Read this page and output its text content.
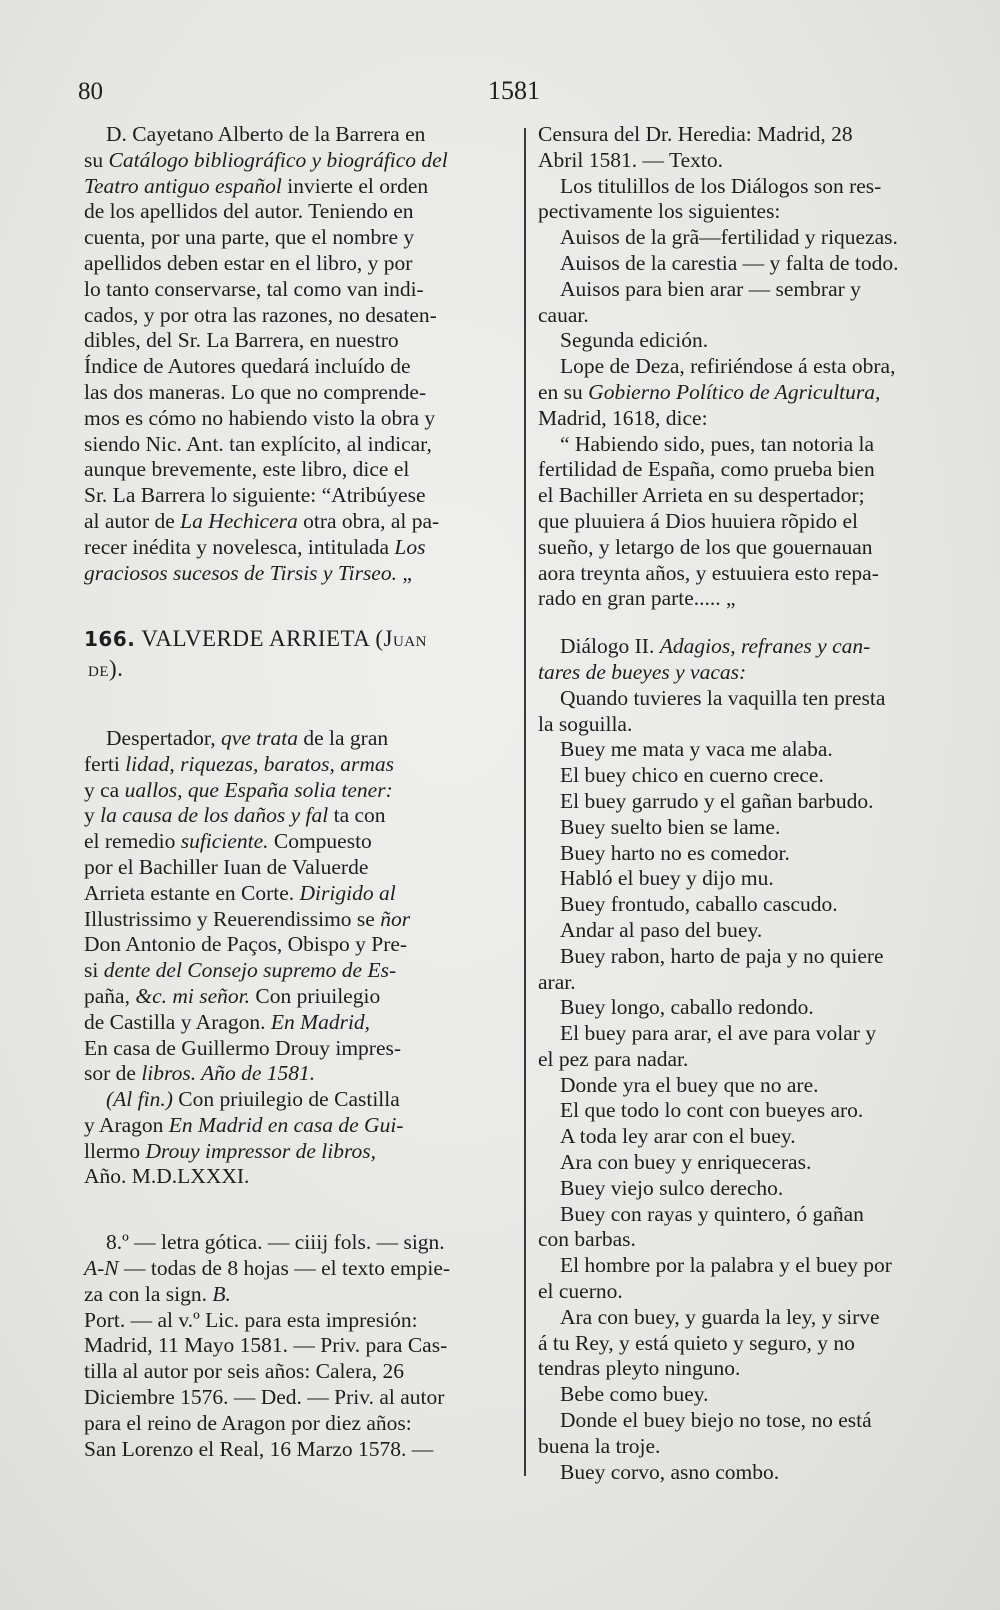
80	1581
D. Cayetano Alberto de la Barrera en
su Catálogo bibliográfico y biográfico del
Teatro antiguo español invierte el orden
de los apellidos del autor. Teniendo en
cuenta, por una parte, que el nombre y
apellidos deben estar en el libro, y por
lo tanto conservarse, tal como van indi-
cados, y por otra las razones, no desaten-
dibles, del Sr. La Barrera, en nuestro
Índice de Autores quedará incluído de
las dos maneras. Lo que no comprende-
mos es cómo no habiendo visto la obra y
siendo Nic. Ant. tan explícito, al indicar,
aunque brevemente, este libro, dice el
Sr. La Barrera lo siguiente: “Atribúyese
al autor de La Hechicera otra obra, al pa-
recer inédita y novelesca, intitulada Los
graciosos sucesos de Tirsis y Tirseo. „
166. VALVERDE ARRIETA (JUAN
DE).
Despertador, qve trata de la gran
ferti lidad, riquezas, baratos, armas
y ca uallos, que España solia tener:
y la causa de los daños y fal ta con
el remedio suficiente. Compuesto
por el Bachiller Iuan de Valuerde
Arrieta estante en Corte. Dirigido al
Illustrissimo y Reuerendissimo se ñor
Don Antonio de Paços, Obispo y Pre-
si dente del Consejo supremo de Es-
paña, &c. mi señor. Con priuilegio
de Castilla y Aragon. En Madrid,
En casa de Guillermo Drouy impres-
sor de libros. Año de 1581.
(Al fin.) Con priuilegio de Castilla
y Aragon En Madrid en casa de Gui-
llermo Drouy impressor de libros,
Año. M.D.LXXXI.
8.º — letra gótica. — ciiij fols. — sign.
A-N — todas de 8 hojas — el texto empie-
za con la sign. B.
Port. — al v.º Lic. para esta impresión:
Madrid, 11 Mayo 1581. — Priv. para Cas-
tilla al autor por seis años: Calera, 26
Diciembre 1576. — Ded. — Priv. al autor
para el reino de Aragon por diez años:
San Lorenzo el Real, 16 Marzo 1578. —
Censura del Dr. Heredia: Madrid, 28
Abril 1581. — Texto.
Los titulillos de los Diálogos son res-
pectivamente los siguientes:
Auisos de la grã—fertilidad y riquezas.
Auisos de la carestia — y falta de todo.
Auisos para bien arar — sembrar y
cauar.
Segunda edición.
Lope de Deza, refiriéndose á esta obra,
en su Gobierno Político de Agricultura,
Madrid, 1618, dice:
“ Habiendo sido, pues, tan notoria la
fertilidad de España, como prueba bien
el Bachiller Arrieta en su despertador;
que pluuiera á Dios huuiera rõpido el
sueño, y letargo de los que gouernauan
aora treynta años, y estuuiera esto repa-
rado en gran parte..... „
Diálogo II. Adagios, refranes y can-
tares de bueyes y vacas:
Quando tuvieres la vaquilla ten presta
la soguilla.
Buey me mata y vaca me alaba.
El buey chico en cuerno crece.
El buey garrudo y el gañan barbudo.
Buey suelto bien se lame.
Buey harto no es comedor.
Habló el buey y dijo mu.
Buey frontudo, caballo cascudo.
Andar al paso del buey.
Buey rabon, harto de paja y no quiere
arar.
Buey longo, caballo redondo.
El buey para arar, el ave para volar y
el pez para nadar.
Donde yra el buey que no are.
El que todo lo cont con bueyes aro.
A toda ley arar con el buey.
Ara con buey y enriqueceras.
Buey viejo sulco derecho.
Buey con rayas y quintero, ó gañan
con barbas.
El hombre por la palabra y el buey por
el cuerno.
Ara con buey, y guarda la ley, y sirve
á tu Rey, y está quieto y seguro, y no
tendras pleyto ninguno.
Bebe como buey.
Donde el buey biejo no tose, no está
buena la troje.
Buey corvo, asno combo.
